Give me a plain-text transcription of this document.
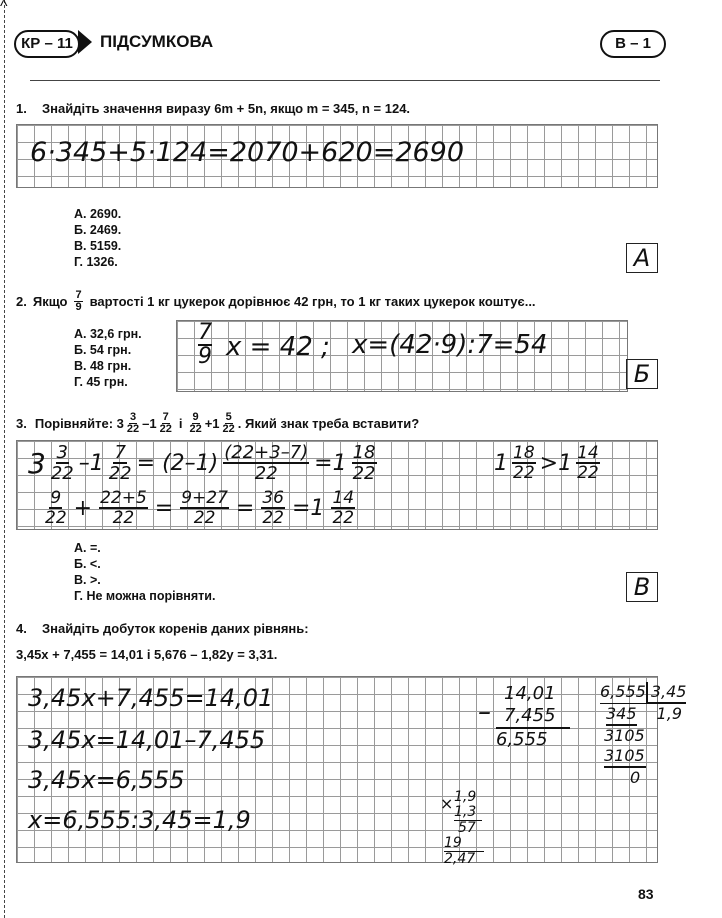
^
КР – 11	ПІДСУМКОВА	В – 1
1. Знайдіть значення виразу 6m + 5n, якщо m = 345, n = 124.
6·345+5·124=2070+620=2690
А. 2690.
Б. 2469.
В. 5159.
Г. 1326.	А
2. Якщо $\frac{7}{9}$ вартості 1 кг цукерок дорівнює 42 грн, то 1 кг таких цукерок коштує...
А. 32,6 грн.
Б. 54 грн.
В. 48 грн.
Г. 45 грн.
7
9 x = 42 ; x=(42·9):7=54
Б
3. Порівняйте: $3 \frac{3}{22} -1 \frac{7}{22}$ і $\frac{9}{22} +1 \frac{5}{22}$ . Який знак треба вставити?
$3 \frac{3}{22} -1 \frac{7}{22} = (2-1) \frac{(22+3-7)}{22} =1 \frac{18}{22}$	$1 \frac{18}{22} >1 \frac{14}{22}$
$\frac{9}{22} + \frac{22+5}{22} = \frac{9+27}{22} = \frac{36}{22} =1 \frac{14}{22}$
А. =.
Б. <.
В. >.
Г. Не можна порівняти.	В
4. Знайдіть добуток коренів даних рівнянь:
3,45x + 7,455 = 14,01 і 5,676 – 1,82y = 3,31.
3,45x+7,455=14,01
3,45x=14,01–7,455
3,45x=6,555
x=6,555:3,45=1,9
–
14,01
7,455
6,555
6,555 3,45
345 1,9
3105
3105
0
× 1,9
1,3
57
19
2,47
83
